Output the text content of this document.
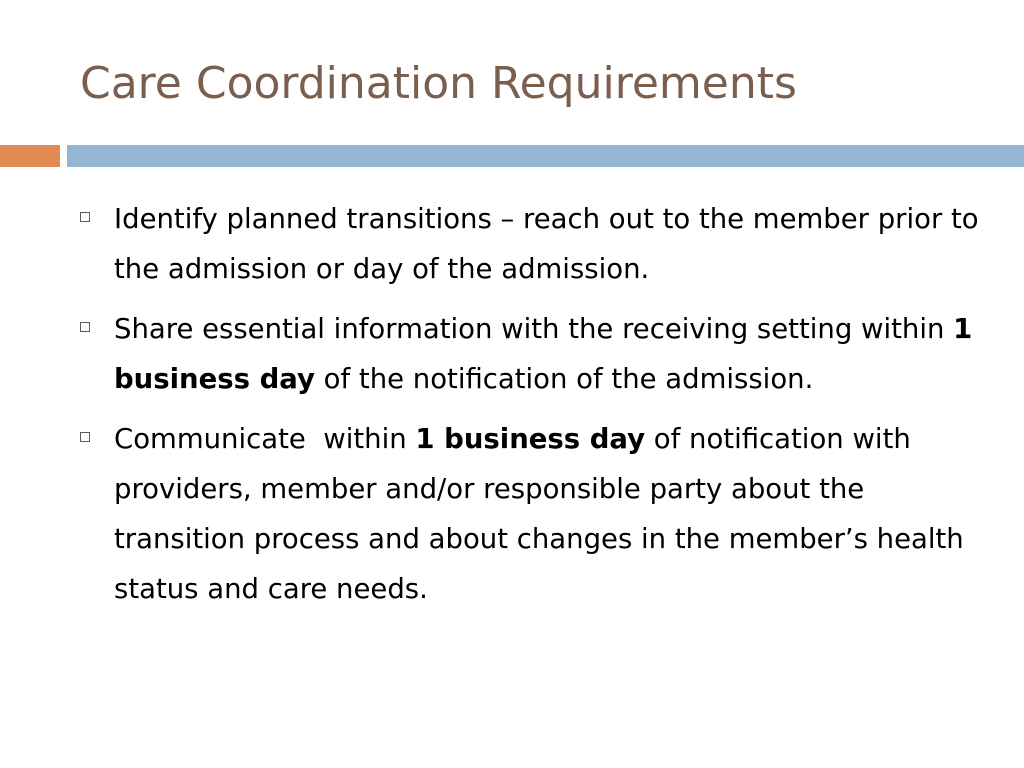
Care Coordination Requirements
Identify planned transitions – reach out to the member prior to the admission or day of the admission.
Share essential information with the receiving setting within 1 business day of the notification of the admission.
Communicate  within 1 business day of notification with providers, member and/or responsible party about the transition process and about changes in the member’s health status and care needs.
